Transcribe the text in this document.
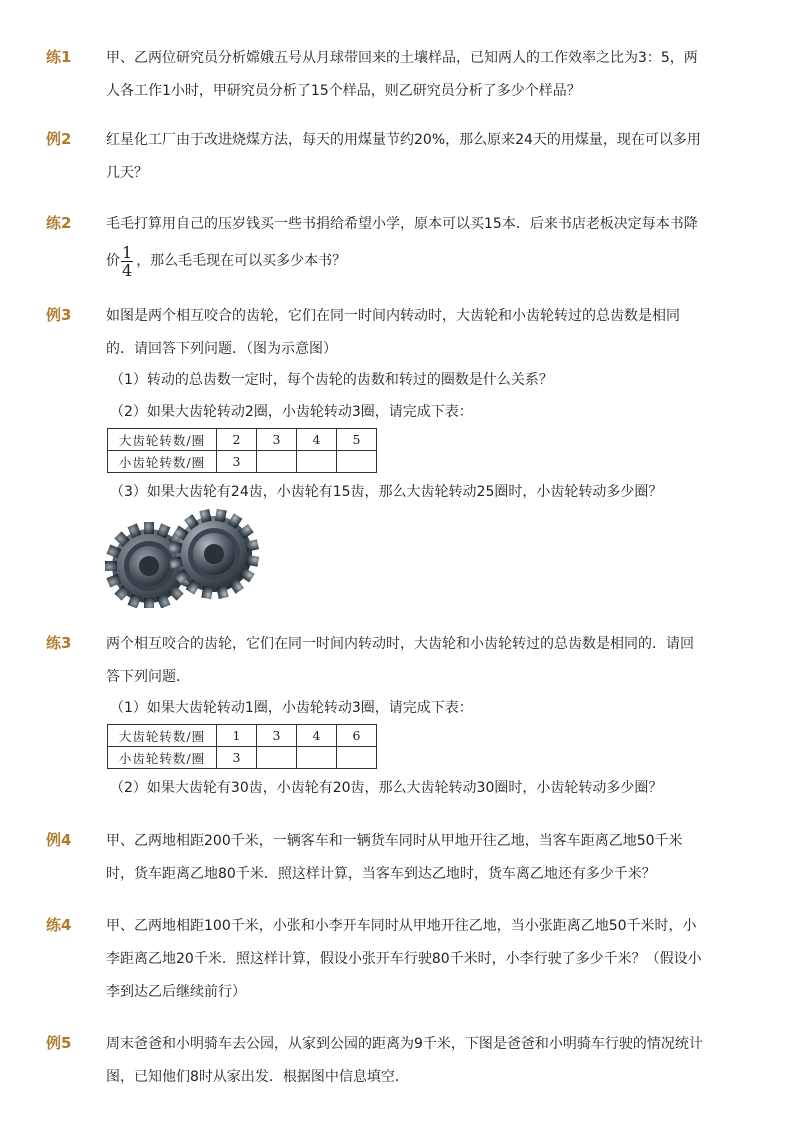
练1 甲、乙两位研究员分析嫦娥五号从月球带回来的土壤样品，已知两人的工作效率之比为3：5，两
人各工作1小时，甲研究员分析了15个样品，则乙研究员分析了多少个样品？
例2 红星化工厂由于改进烧煤方法，每天的用煤量节约20%，那么原来24天的用煤量，现在可以多用
几天？
练2 毛毛打算用自己的压岁钱买一些书捐给希望小学，原本可以买15本．后来书店老板决定每本书降
价 $\frac{1}{4}$ ，那么毛毛现在可以买多少本书？
例3 如图是两个相互咬合的齿轮，它们在同一时间内转动时，大齿轮和小齿轮转过的总齿数是相同
的．请回答下列问题．（图为示意图）
（1）转动的总齿数一定时，每个齿轮的齿数和转过的圈数是什么关系？
（2）如果大齿轮转动2圈，小齿轮转动3圈，请完成下表：
大齿轮转数/圈	2	3	4	5
小齿轮转数/圈	3			
（3）如果大齿轮有24齿，小齿轮有15齿，那么大齿轮转动25圈时，小齿轮转动多少圈？
练3 两个相互咬合的齿轮，它们在同一时间内转动时，大齿轮和小齿轮转过的总齿数是相同的．请回
答下列问题．
（1）如果大齿轮转动1圈，小齿轮转动3圈，请完成下表：
大齿轮转数/圈	1	3	4	6
小齿轮转数/圈	3			
（2）如果大齿轮有30齿，小齿轮有20齿，那么大齿轮转动30圈时，小齿轮转动多少圈？
例4 甲、乙两地相距200千米，一辆客车和一辆货车同时从甲地开往乙地，当客车距离乙地50千米
时，货车距离乙地80千米．照这样计算，当客车到达乙地时，货车离乙地还有多少千米？
练4 甲、乙两地相距100千米，小张和小李开车同时从甲地开往乙地，当小张距离乙地50千米时，小
李距离乙地20千米．照这样计算，假设小张开车行驶80千米时，小李行驶了多少千米？（假设小
李到达乙后继续前行）
例5 周末爸爸和小明骑车去公园，从家到公园的距离为9千米，下图是爸爸和小明骑车行驶的情况统计
图，已知他们8时从家出发．根据图中信息填空．
